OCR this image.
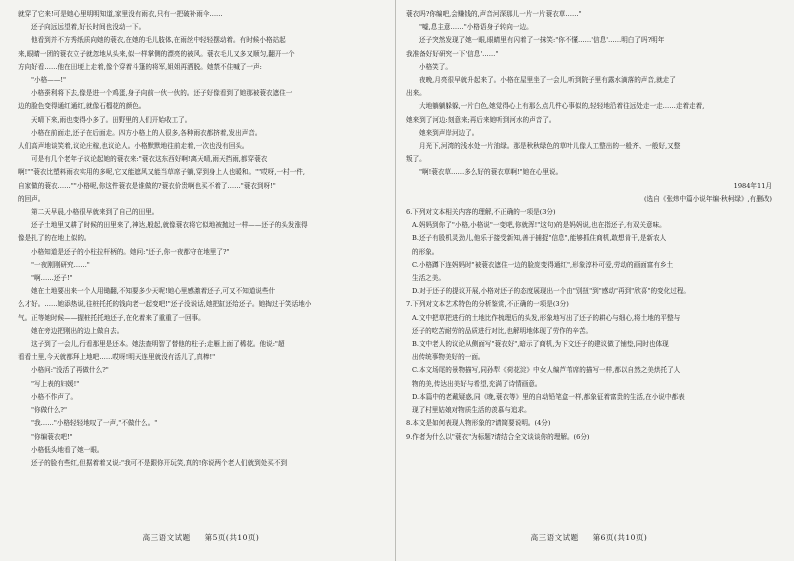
就穿了它来!可是她心里明明知道,家里没有雨衣,只有一把破补雨伞……
还子向远远望着,好长时间也没动一下。
他看到并不方秀纸质向她的蓑衣,在她的毛儿肢体,在雨丝中轻轻摆动着。有时候小格站起
来,眼睛一团的蓑衣立子就忽地从头来,似一样掌侧的漂亮的被风。蓑衣毛儿又多又顺匀,翻开一个
方向好看……他在田埂上走着,像个穿着斗篷的将军,姐姐再洒脱。她禁不住喊了一声:
"小格——!"
小格蚕利将下去,像是进一个鸡蛋,身子向前一伙一伙的。还子好像看到了她那被蓑衣遮住一
边的脸色变得通红通红,就像石榴花的颜色。
天晴下来,雨也变得小多了。田野里的人们开始收工了。
小格在前面走,还子在后面走。四方小格上的人很多,各种雨衣都挤着,发出声音。
人们高声地谈笑着,议论庄稼,也议论人。小格默默地往前走着,一次也没有回头。
可是有几个老年子议论起她的蓑衣来:"蓑衣这东西好啊!离天晴,雨天挡雨,都穿蓑衣
啊!""蓑衣比塑料雨衣实用的多呢,它又能遮风又能当草席子躺,穿到身上人也暖和。""哎呀,一村一件,
自家做的蓑衣……""小格呢,你这件蓑衣是谁做的?蓑衣价贵啊也买不着了……"蓑衣到呀!"
的回声。
第二天早晨,小格很早就来到了自己的田里。
还子土地里又耕了时候的田里来了,神达,般起,就像蓑衣将它似地被抛过一样——还子的头发涨得
像是扎了的在地上似的。
小格知道是还子的小柱拉杆柄的。她问:"还子,你一夜都守在地里了?"
"一夜刚刚研究……"
"啊……还子!"
她在土地要出来一个人用锄翻,不知要多少天呢!她心里感激着还子,可又不知道说些什
么才好。……她添热说,往桩托托的钱向老一起变吧!"还子没说话,她把缸还给还子。她掏过于笑话地小
气。正等她时候——握桩托托地还子,在化着来了重重了一回事。
她在旁边把刚出的边上做自去。
这子到了一会儿,行看那里是还本。她法查明智了替他的柱子;走雁上面了稀花。他说:"超
看看土里,今天就都拜上地吧……哎呀!明天连里就没有活儿了,真棒!"
小格问:"没活了再做什么?"
"写上表的妇媛!"
小格不作声了。
"你做什么?"
"我……"小格轻轻地叹了一声,"不做什么。"
"你编蓑衣吧!"
小格低头地看了她一眼。
还子的脸有些红,但据着着又说:"我可不是跟你开玩笑,真的!你说两个老人们就到处买不到
蓑衣吗?你编吧,会赚钱的,声音河深那儿一片一片蓑衣草……"
"嘘,息主意……"小格语身子转向一边。
还子突然发现了她一眼,眼睛里有闪着了一抹笑:"你不懂……'信息'……明白了吗?明年
我准备好好研究一下'信息'……"
小格笑了。
夜晚,月亮很早就升起来了。小格在屋里坐了一会儿,听到院子里有露水滴落的声音,就走了
出来。
大地躺躺躲躲,一片白色,她觉得心上有那么点几件心事似的,轻轻地沿着往远处走一走……走着走着,
她来到了河边:刻意来;再后来她听到河水的声音了。
她来到声岸河边了。
月光下,河湾的浅水处一片油绿。那是秋秋绿色的草叶儿像人工整出的一般齐、一般好,又整
叛了。
"啊!蓑衣草……多么好的蓑衣草啊!"她在心里说。
1984年11月
(选自《张炜中篇小说年编·秋柯绿》,有删改)
6.下列对文本相关内容的理解,不正确的一项是(3分)
A.妈妈到你了"小格,小格说"一变吧,你就浑!"这句)的是妈妈说,也在指还子,有双关意味。
B.还子有股机灵劲儿,他乐于接受新知,善于捕捉"信息",能够抓住商机,敢想肯干,是新农人
的形象。
C.小格蹲下连妈妈时"被蓑衣遮住一边的脸庞变得通红",形象淳朴可爱,劳动的画面富有乡土
生活之美。
D.对于还子的提议开展,小格对还子的态度展现出一个由"别扭"到"感动"再到"欣喜"的变化过程。
7.下列对文本艺术特色的分析鉴赏,不正确的一项是(3分)
A.文中把草把进行的土地比作梳理后的头发,形象地写出了还子的耕心与细心,将土地的平整与
还子的吃苦耐劳的品质进行对比,也解明地体现了劳作的辛苦。
B.文中老人的议论从侧面写"蓑衣好",暗示了商机,为下文还子的建议做了铺垫,同时也体现
出传统事物美好的一面。
C.本文场尾的景物描写,同孙犁《荷花淀》中女人编芦苇席的描写一样,都以自然之美烘托了人
物的美,传达出美好与希望,充满了诗情画意。
D.本篇中的老戴疑惑,同《晚,蓑衣等》里的自动铅笔盒一样,都象征着富贵的生活,在小说中都表
现了村里姑娘对物质生活的羡慕与追求。
8.本文是如何表现人物形象的?请简要说明。(4分)
9.作者为什么以"蓑衣"为标题?请结合全文谈谈你的理解。(6分)
高三语文试题 第5页(共10页)	高三语文试题 第6页(共10页)
